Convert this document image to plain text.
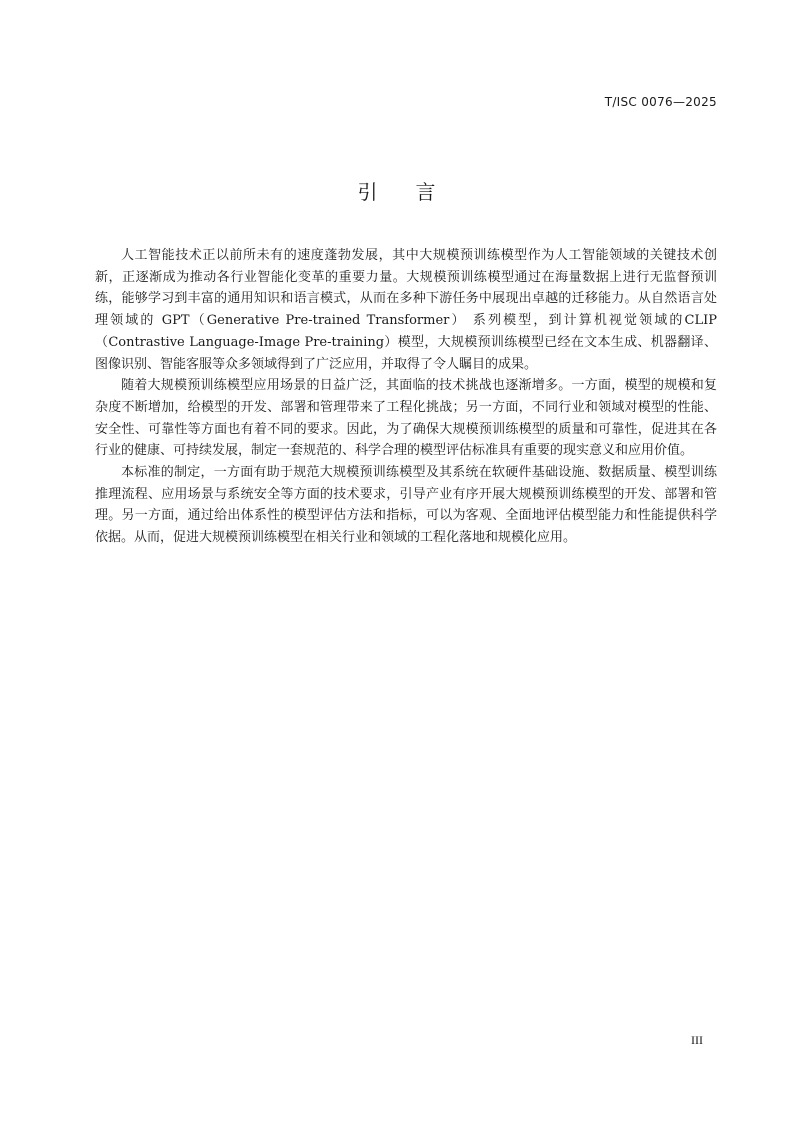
T/ISC 0076—2025
引言

人工智能技术正以前所未有的速度蓬勃发展，其中大规模预训练模型作为人工智能领域的关键技术创新，正逐渐成为推动各行业智能化变革的重要力量。大规模预训练模型通过在海量数据上进行无监督预训练，能够学习到丰富的通用知识和语言模式，从而在多种下游任务中展现出卓越的迁移能力。从自然语言处理领域的 GPT（Generative Pre-trained Transformer） 系列模型，到计算机视觉领域的CLIP（Contrastive Language-Image Pre-training）模型，大规模预训练模型已经在文本生成、机器翻译、图像识别、智能客服等众多领域得到了广泛应用，并取得了令人瞩目的成果。

随着大规模预训练模型应用场景的日益广泛，其面临的技术挑战也逐渐增多。一方面，模型的规模和复杂度不断增加，给模型的开发、部署和管理带来了工程化挑战；另一方面，不同行业和领域对模型的性能、安全性、可靠性等方面也有着不同的要求。因此，为了确保大规模预训练模型的质量和可靠性，促进其在各行业的健康、可持续发展，制定一套规范的、科学合理的模型评估标准具有重要的现实意义和应用价值。

本标准的制定，一方面有助于规范大规模预训练模型及其系统在软硬件基础设施、数据质量、模型训练推理流程、应用场景与系统安全等方面的技术要求，引导产业有序开展大规模预训练模型的开发、部署和管理。另一方面，通过给出体系性的模型评估方法和指标，可以为客观、全面地评估模型能力和性能提供科学依据。从而，促进大规模预训练模型在相关行业和领域的工程化落地和规模化应用。

III
